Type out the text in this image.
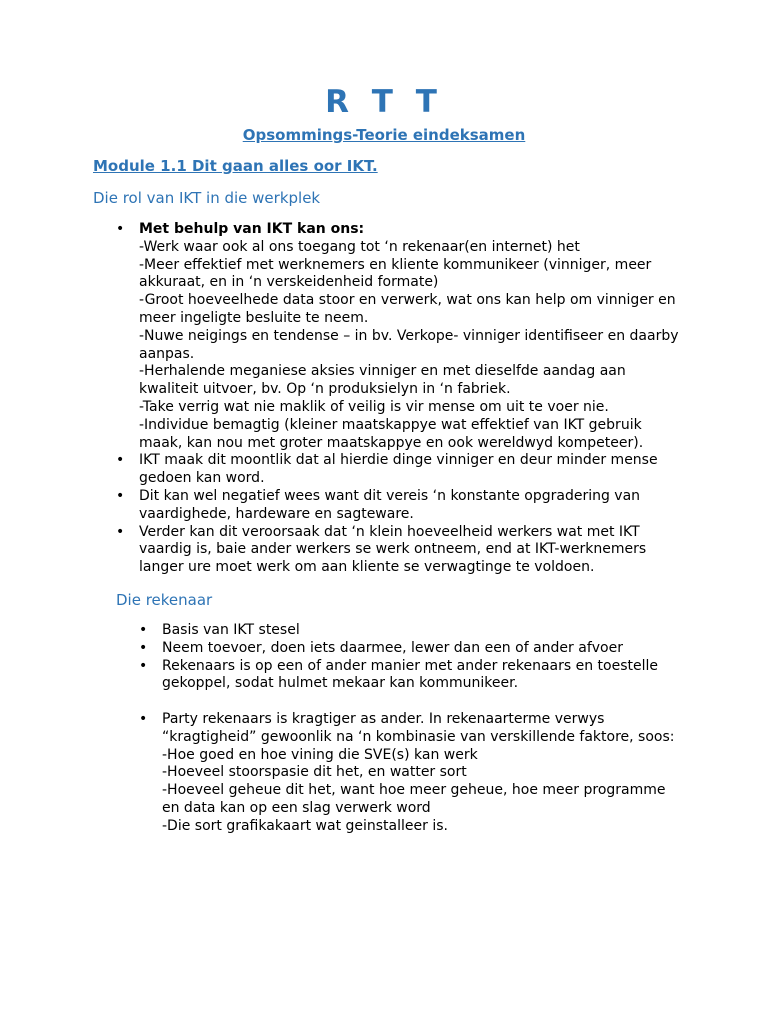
R T T
Opsommings-Teorie eindeksamen
Module 1.1 Dit gaan alles oor IKT.
Die rol van IKT in die werkplek
• Met behulp van IKT kan ons:
-Werk waar ook al ons toegang tot ‘n rekenaar(en internet) het
-Meer effektief met werknemers en kliente kommunikeer (vinniger, meer akkuraat, en in ‘n verskeidenheid formate)
-Groot hoeveelhede data stoor en verwerk, wat ons kan help om vinniger en meer ingeligte besluite te neem.
-Nuwe neigings en tendense – in bv. Verkope- vinniger identifiseer en daarby aanpas.
-Herhalende meganiese aksies vinniger en met dieselfde aandag aan kwaliteit uitvoer, bv. Op ‘n produksielyn in ‘n fabriek.
-Take verrig wat nie maklik of veilig is vir mense om uit te voer nie.
-Individue bemagtig (kleiner maatskappye wat effektief van IKT gebruik maak, kan nou met groter maatskappye en ook wereldwyd kompeteer).
• IKT maak dit moontlik dat al hierdie dinge vinniger en deur minder mense gedoen kan word.
• Dit kan wel negatief wees want dit vereis ‘n konstante opgradering van vaardighede, hardeware en sagteware.
• Verder kan dit veroorsaak dat ‘n klein hoeveelheid werkers wat met IKT vaardig is, baie ander werkers se werk ontneem, end at IKT-werknemers langer ure moet werk om aan kliente se verwagtinge te voldoen.
Die rekenaar
• Basis van IKT stesel
• Neem toevoer, doen iets daarmee, lewer dan een of ander afvoer
• Rekenaars is op een of ander manier met ander rekenaars en toestelle gekoppel, sodat hulmet mekaar kan kommunikeer.
• Party rekenaars is kragtiger as ander. In rekenaarterme verwys “kragtigheid” gewoonlik na ‘n kombinasie van verskillende faktore, soos:
-Hoe goed en hoe vining die SVE(s) kan werk
-Hoeveel stoorspasie dit het, en watter sort
-Hoeveel geheue dit het, want hoe meer geheue, hoe meer programme en data kan op een slag verwerk word
-Die sort grafikakaart wat geinstalleer is.
